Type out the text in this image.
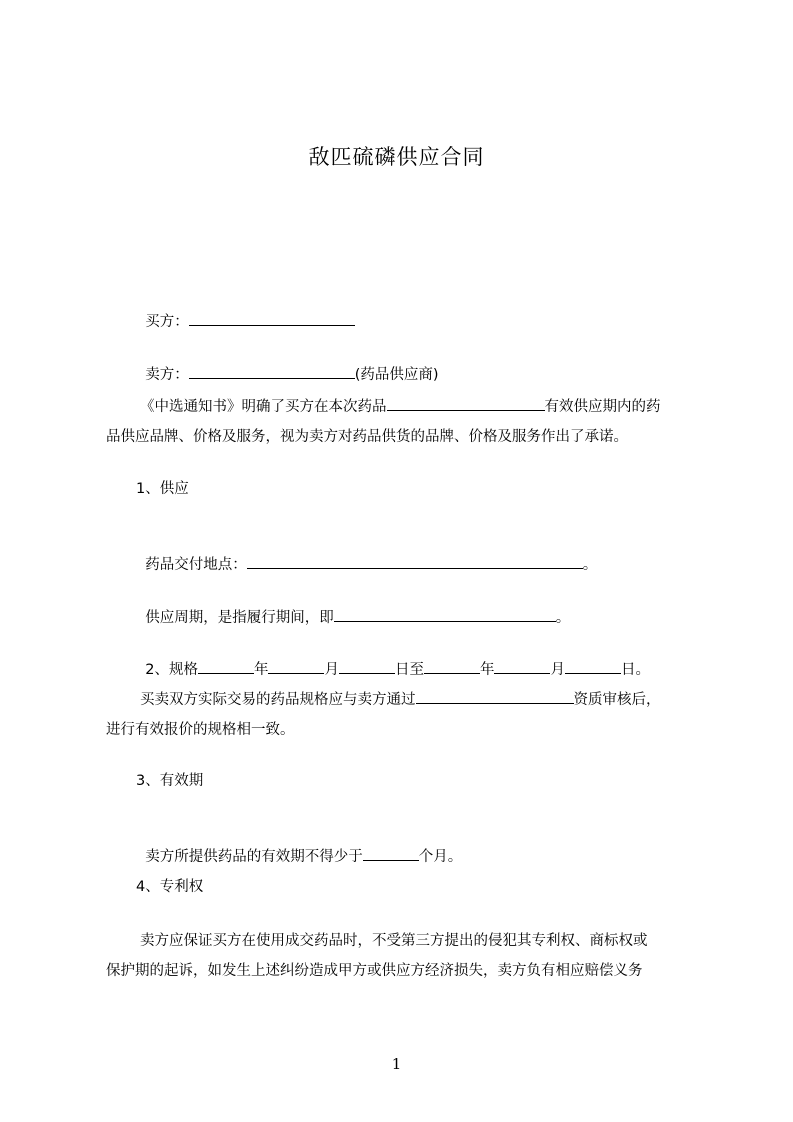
敌匹硫磷供应合同

买方：

卖方：	(药品供应商)

《中选通知书》明确了买方在本次药品	有效供应期内的药
品供应品牌、价格及服务，视为卖方对药品供货的品牌、价格及服务作出了承诺。
1、供应

药品交付地点：	。

供应周期，是指履行期间，即	。

2、规格	年	月	日至	年	月	日。

买卖双方实际交易的药品规格应与卖方通过	资质审核后，
进行有效报价的规格相一致。
3、有效期

卖方所提供药品的有效期不得少于	个月。

4、专利权
卖方应保证买方在使用成交药品时，不受第三方提出的侵犯其专利权、商标权或
保护期的起诉，如发生上述纠纷造成甲方或供应方经济损失，卖方负有相应赔偿义务
1
